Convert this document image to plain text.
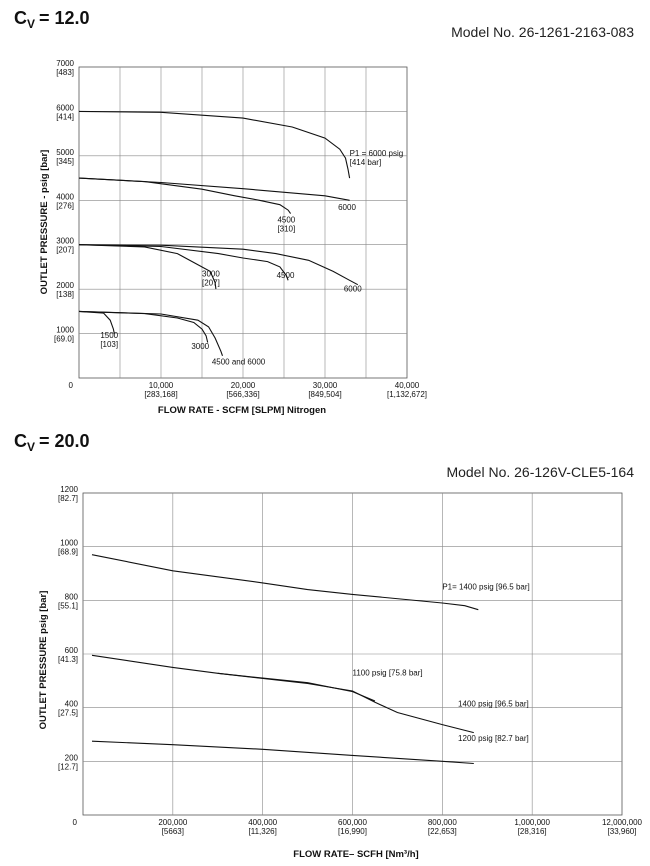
$C_V = 12.0$
Model No. 26-1261-2163-083
0	10,000
[283,168]
20,000
[566,336]
30,000
[849,504]
40,000
[1,132,672]
1000
[69.0]
2000
[138]
3000
[207]
4000
[276]
5000
[345]
6000
[414]
7000
[483]
P1 = 6000 psig
[414 bar]
6000
4500
[310]
3000
[207]
4500
6000
1500
[103]	3000
4500 and 6000
FLOW RATE - SCFM [SLPM] Nitrogen
OUTLET PRESSURE - psig [bar]
$C_V = 20.0$
Model No. 26-126V-CLE5-164
0	200,000
[5663]
400,000
[11,326]
600,000
[16,990]
800,000
[22,653]
1,000,000
[28,316]
12,000,000
[33,960]
200
[12.7]
400
[27.5]
600
[41.3]
800
[55.1]
1000
[68.9]
1200
[82.7]
P1= 1400 psig [96.5 bar]
1100 psig [75.8 bar]
1400 psig [96.5 bar]
1200 psig [82.7 bar]
FLOW RATE– SCFH [Nm³/h]
OUTLET PRESSURE psig [bar]
